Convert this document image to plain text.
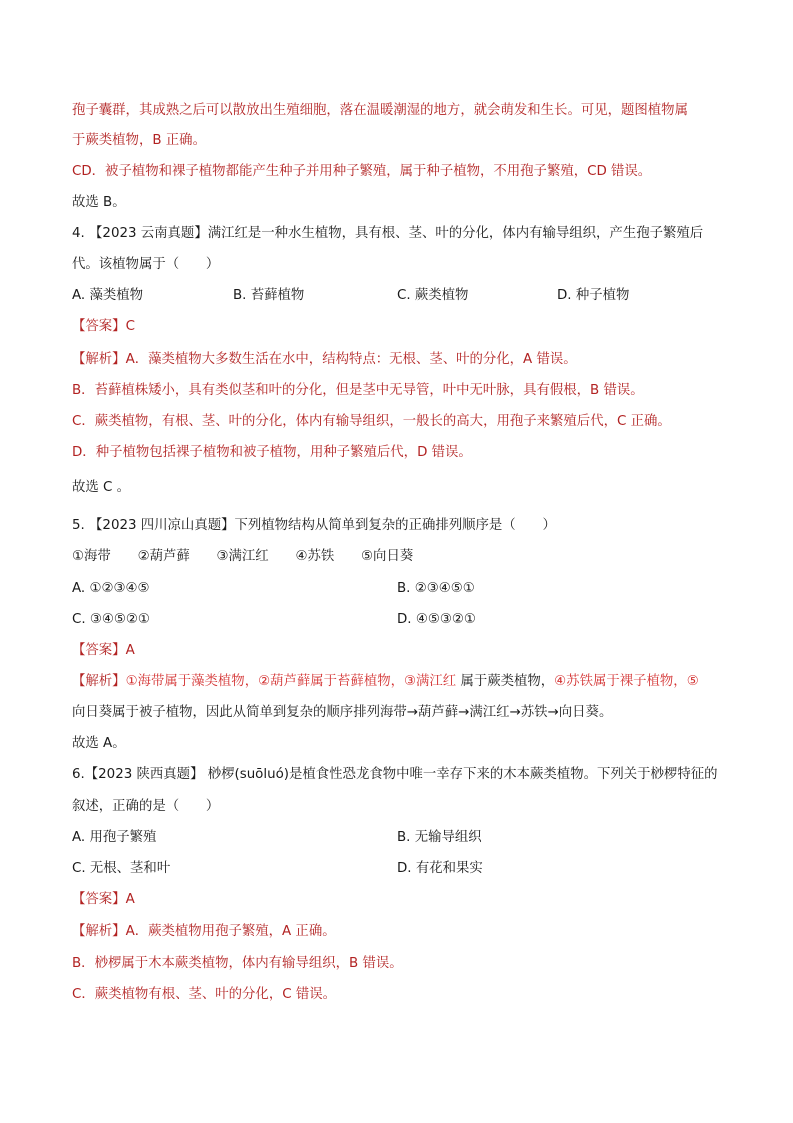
孢子囊群，其成熟之后可以散放出生殖细胞，落在温暖潮湿的地方，就会萌发和生长。可见，题图植物属
于蕨类植物，B 正确。
CD．被子植物和裸子植物都能产生种子并用种子繁殖，属于种子植物，不用孢子繁殖，CD 错误。
故选 B。
4. 【2023 云南真题】满江红是一种水生植物，具有根、茎、叶的分化，体内有输导组织，产生孢子繁殖后
代。该植物属于（　　）
A. 藻类植物	B. 苔藓植物	C. 蕨类植物	D. 种子植物
【答案】C
【解析】A．藻类植物大多数生活在水中，结构特点：无根、茎、叶的分化，A 错误。
B．苔藓植株矮小，具有类似茎和叶的分化，但是茎中无导管，叶中无叶脉，具有假根，B 错误。
C．蕨类植物，有根、茎、叶的分化，体内有输导组织，一般长的高大，用孢子来繁殖后代，C 正确。
D．种子植物包括裸子植物和被子植物，用种子繁殖后代，D 错误。
故选 C 。
5. 【2023 四川凉山真题】下列植物结构从简单到复杂的正确排列顺序是（　　）
①海带　　②葫芦藓　　③满江红　　④苏铁　　⑤向日葵
A. ①②③④⑤	B. ②③④⑤①
C. ③④⑤②①	D. ④⑤③②①
【答案】A
【解析】①海带属于藻类植物，②葫芦藓属于苔藓植物，③满江红 属于蕨类植物，④苏铁属于裸子植物，⑤
向日葵属于被子植物，因此从简单到复杂的顺序排列海带→葫芦藓→满江红→苏铁→向日葵。
故选 A。
6.【2023 陕西真题】 桫椤(suōluó)是植食性恐龙食物中唯一幸存下来的木本蕨类植物。下列关于桫椤特征的
叙述，正确的是（　　）
A. 用孢子繁殖	B. 无输导组织
C. 无根、茎和叶	D. 有花和果实
【答案】A
【解析】A．蕨类植物用孢子繁殖，A 正确。
B．桫椤属于木本蕨类植物，体内有输导组织，B 错误。
C．蕨类植物有根、茎、叶的分化，C 错误。
